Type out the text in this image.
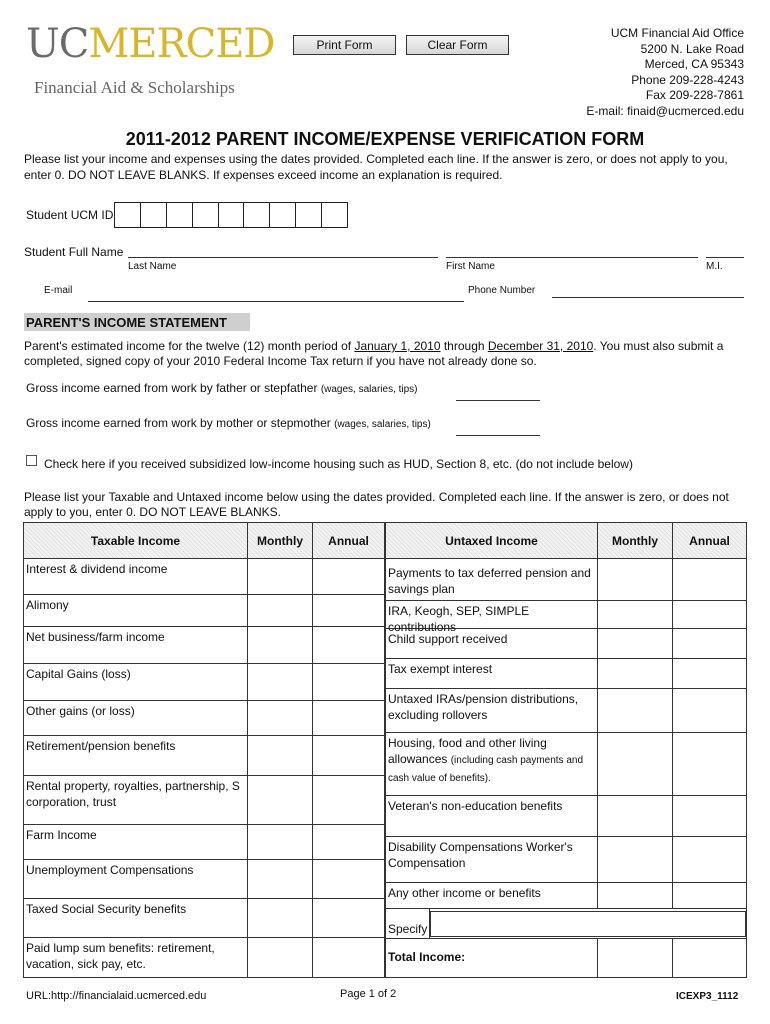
UCMERCED
Financial Aid & Scholarships
Print Form	Clear Form
UCM Financial Aid Office
5200 N. Lake Road
Merced, CA 95343
Phone 209-228-4243
Fax 209-228-7861
E-mail: finaid@ucmerced.edu
2011-2012 PARENT INCOME/EXPENSE VERIFICATION FORM
Please list your income and expenses using the dates provided. Completed each line. If the answer is zero, or does not apply to you,
enter 0. DO NOT LEAVE BLANKS. If expenses exceed income an explanation is required.
Student UCM ID
Student Full Name
Last Name	First Name	M.I.
E-mail	Phone Number
PARENT'S INCOME STATEMENT
Parent's estimated income for the twelve (12) month period of January 1, 2010 through December 31, 2010. You must also submit a
completed, signed copy of your 2010 Federal Income Tax return if you have not already done so.
Gross income earned from work by father or stepfather (wages, salaries, tips)
Gross income earned from work by mother or stepmother (wages, salaries, tips)
Check here if you received subsidized low-income housing such as HUD, Section 8, etc. (do not include below)
Please list your Taxable and Untaxed income below using the dates provided. Completed each line. If the answer is zero, or does not
apply to you, enter 0. DO NOT LEAVE BLANKS.
Taxable Income	Monthly	Annual
Interest & dividend income
Alimony
Net business/farm income
Capital Gains (loss)
Other gains (or loss)
Retirement/pension benefits
Rental property, royalties, partnership, S corporation, trust
Farm Income
Unemployment Compensations
Taxed Social Security benefits
Paid lump sum benefits: retirement, vacation, sick pay, etc.
Untaxed Income	Monthly	Annual
Payments to tax deferred pension and savings plan
IRA, Keogh, SEP, SIMPLE contributions
Child support received
Tax exempt interest
Untaxed IRAs/pension distributions, excluding rollovers
Housing, food and other living
allowances (including cash payments and cash value of benefits).
Veteran's non-education benefits
Disability Compensations Worker's Compensation
Any other income or benefits
Specify
Total Income:
URL:http://financialaid.ucmerced.edu	Page 1 of 2	ICEXP3_1112
